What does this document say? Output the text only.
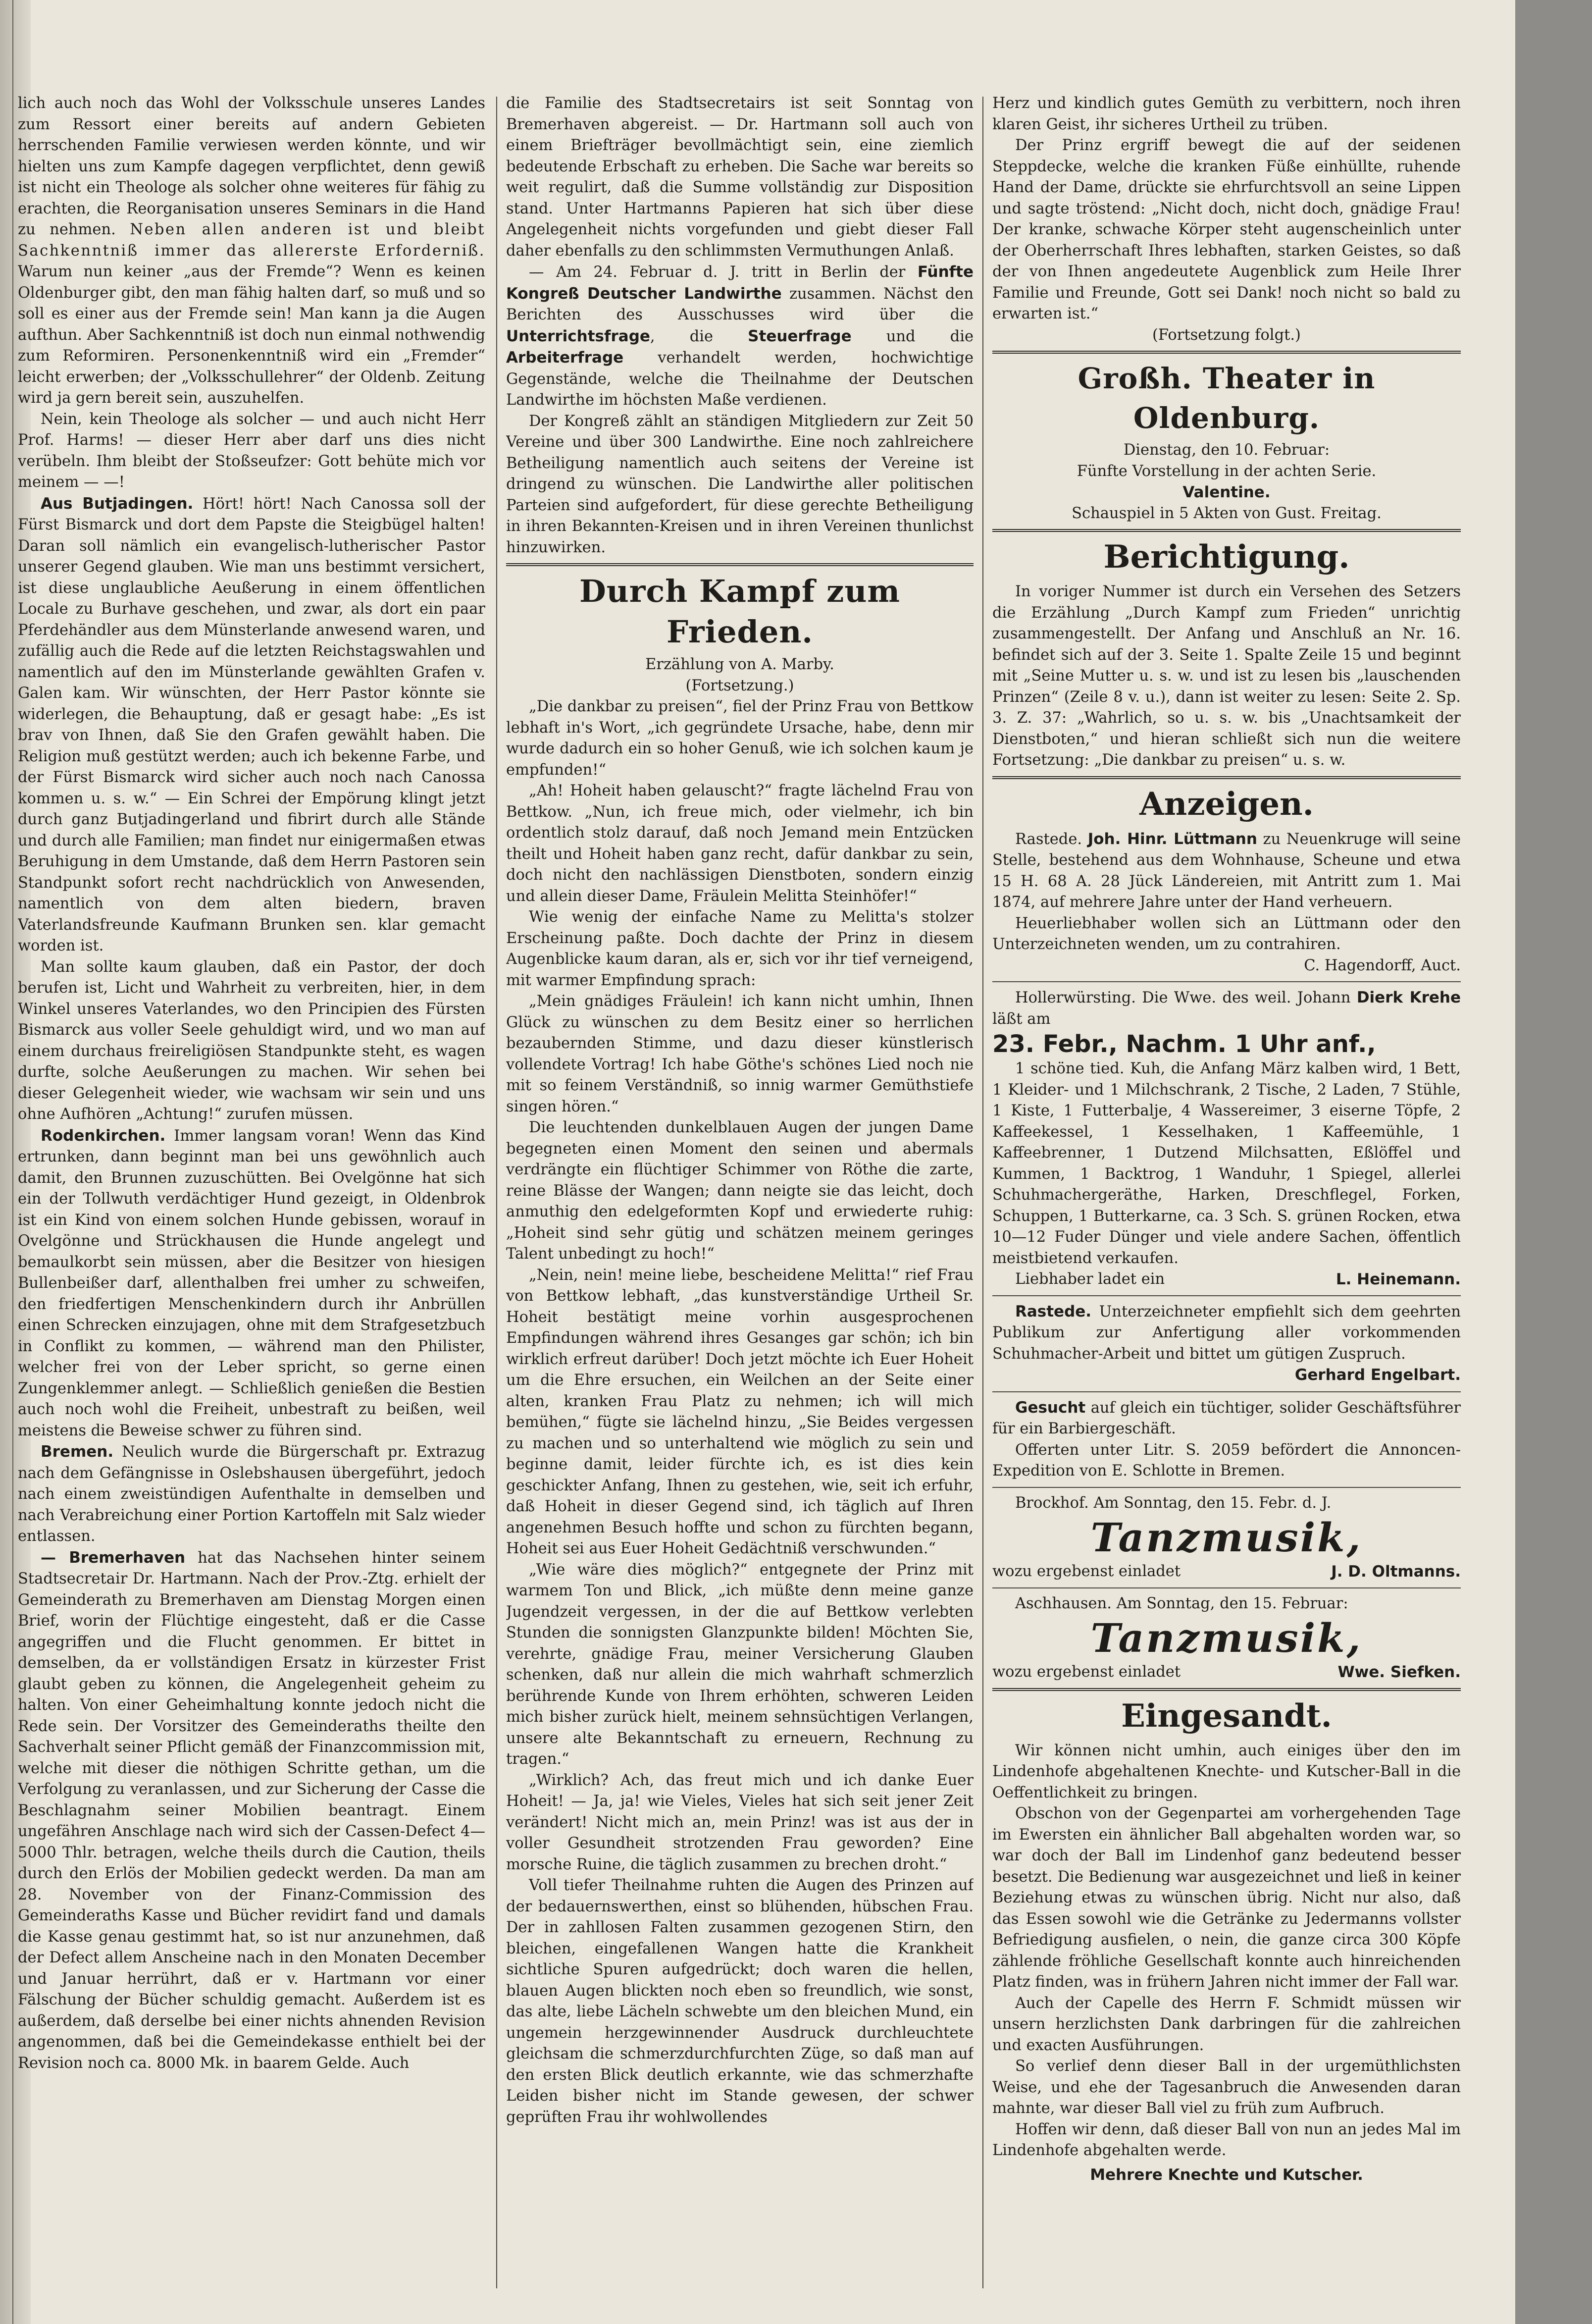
lich auch noch das Wohl der Volksschule unseres Landes zum Ressort einer bereits auf andern Gebieten herrschenden Familie verwiesen werden könnte, und wir hielten uns zum Kampfe dagegen verpflichtet, denn gewiß ist nicht ein Theologe als solcher ohne weiteres für fähig zu erachten, die Reorganisation unseres Seminars in die Hand zu nehmen. Neben allen anderen ist und bleibt Sachkenntniß immer das allererste Erforderniß. Warum nun keiner „aus der Fremde“? Wenn es keinen Oldenburger gibt, den man fähig halten darf, so muß und so soll es einer aus der Fremde sein! Man kann ja die Augen aufthun. Aber Sachkenntniß ist doch nun einmal nothwendig zum Reformiren. Personenkenntniß wird ein „Fremder“ leicht erwerben; der „Volksschullehrer“ der Oldenb. Zeitung wird ja gern bereit sein, auszuhelfen.

Nein, kein Theologe als solcher — und auch nicht Herr Prof. Harms! — dieser Herr aber darf uns dies nicht verübeln. Ihm bleibt der Stoßseufzer: Gott behüte mich vor meinem — —!

Aus Butjadingen. Hört! hört! Nach Canossa soll der Fürst Bismarck und dort dem Papste die Steigbügel halten! Daran soll nämlich ein evangelisch-lutherischer Pastor unserer Gegend glauben. Wie man uns bestimmt versichert, ist diese unglaubliche Aeußerung in einem öffentlichen Locale zu Burhave geschehen, und zwar, als dort ein paar Pferdehändler aus dem Münsterlande anwesend waren, und zufällig auch die Rede auf die letzten Reichstagswahlen und namentlich auf den im Münsterlande gewählten Grafen v. Galen kam. Wir wünschten, der Herr Pastor könnte sie widerlegen, die Behauptung, daß er gesagt habe: „Es ist brav von Ihnen, daß Sie den Grafen gewählt haben. Die Religion muß gestützt werden; auch ich bekenne Farbe, und der Fürst Bismarck wird sicher auch noch nach Canossa kommen u. s. w.“ — Ein Schrei der Empörung klingt jetzt durch ganz Butjadingerland und fibrirt durch alle Stände und durch alle Familien; man findet nur einigermaßen etwas Beruhigung in dem Umstande, daß dem Herrn Pastoren sein Standpunkt sofort recht nachdrücklich von Anwesenden, namentlich von dem alten biedern, braven Vaterlandsfreunde Kaufmann Brunken sen. klar gemacht worden ist.

Man sollte kaum glauben, daß ein Pastor, der doch berufen ist, Licht und Wahrheit zu verbreiten, hier, in dem Winkel unseres Vaterlandes, wo den Principien des Fürsten Bismarck aus voller Seele gehuldigt wird, und wo man auf einem durchaus freireligiösen Standpunkte steht, es wagen durfte, solche Aeußerungen zu machen. Wir sehen bei dieser Gelegenheit wieder, wie wachsam wir sein und uns ohne Aufhören „Achtung!“ zurufen müssen.

Rodenkirchen. Immer langsam voran! Wenn das Kind ertrunken, dann beginnt man bei uns gewöhnlich auch damit, den Brunnen zuzuschütten. Bei Ovelgönne hat sich ein der Tollwuth verdächtiger Hund gezeigt, in Oldenbrok ist ein Kind von einem solchen Hunde gebissen, worauf in Ovelgönne und Strückhausen die Hunde angelegt und bemaulkorbt sein müssen, aber die Besitzer von hiesigen Bullenbeißer darf, allenthalben frei umher zu schweifen, den friedfertigen Menschenkindern durch ihr Anbrüllen einen Schrecken einzujagen, ohne mit dem Strafgesetzbuch in Conflikt zu kommen, — während man den Philister, welcher frei von der Leber spricht, so gerne einen Zungenklemmer anlegt. — Schließlich genießen die Bestien auch noch wohl die Freiheit, unbestraft zu beißen, weil meistens die Beweise schwer zu führen sind.

Bremen. Neulich wurde die Bürgerschaft pr. Extrazug nach dem Gefängnisse in Oslebshausen übergeführt, jedoch nach einem zweistündigen Aufenthalte in demselben und nach Verabreichung einer Portion Kartoffeln mit Salz wieder entlassen.

— Bremerhaven hat das Nachsehen hinter seinem Stadtsecretair Dr. Hartmann. Nach der Prov.-Ztg. erhielt der Gemeinderath zu Bremerhaven am Dienstag Morgen einen Brief, worin der Flüchtige eingesteht, daß er die Casse angegriffen und die Flucht genommen. Er bittet in demselben, da er vollständigen Ersatz in kürzester Frist glaubt geben zu können, die Angelegenheit geheim zu halten. Von einer Geheimhaltung konnte jedoch nicht die Rede sein. Der Vorsitzer des Gemeinderaths theilte den Sachverhalt seiner Pflicht gemäß der Finanzcommission mit, welche mit dieser die nöthigen Schritte gethan, um die Verfolgung zu veranlassen, und zur Sicherung der Casse die Beschlagnahm seiner Mobilien beantragt. Einem ungefähren Anschlage nach wird sich der Cassen-Defect 4—5000 Thlr. betragen, welche theils durch die Caution, theils durch den Erlös der Mobilien gedeckt werden. Da man am 28. November von der Finanz-Commission des Gemeinderaths Kasse und Bücher revidirt fand und damals die Kasse genau gestimmt hat, so ist nur anzunehmen, daß der Defect allem Anscheine nach in den Monaten December und Januar herrührt, daß er v. Hartmann vor einer Fälschung der Bücher schuldig gemacht. Außerdem ist es außerdem, daß derselbe bei einer nichts ahnenden Revision angenommen, daß bei die Gemeindekasse enthielt bei der Revision noch ca. 8000 Mk. in baarem Gelde. Auch

die Familie des Stadtsecretairs ist seit Sonntag von Bremerhaven abgereist. — Dr. Hartmann soll auch von einem Briefträger bevollmächtigt sein, eine ziemlich bedeutende Erbschaft zu erheben. Die Sache war bereits so weit regulirt, daß die Summe vollständig zur Disposition stand. Unter Hartmanns Papieren hat sich über diese Angelegenheit nichts vorgefunden und giebt dieser Fall daher ebenfalls zu den schlimmsten Vermuthungen Anlaß.

— Am 24. Februar d. J. tritt in Berlin der Fünfte Kongreß Deutscher Landwirthe zusammen. Nächst den Berichten des Ausschusses wird über die Unterrichtsfrage, die Steuerfrage und die Arbeiterfrage verhandelt werden, hochwichtige Gegenstände, welche die Theilnahme der Deutschen Landwirthe im höchsten Maße verdienen.

Der Kongreß zählt an ständigen Mitgliedern zur Zeit 50 Vereine und über 300 Landwirthe. Eine noch zahlreichere Betheiligung namentlich auch seitens der Vereine ist dringend zu wünschen. Die Landwirthe aller politischen Parteien sind aufgefordert, für diese gerechte Betheiligung in ihren Bekannten-Kreisen und in ihren Vereinen thunlichst hinzuwirken.

Durch Kampf zum Frieden.

Erzählung von A. Marby.

(Fortsetzung.)

„Die dankbar zu preisen“, fiel der Prinz Frau von Bettkow lebhaft in's Wort, „ich gegründete Ursache, habe, denn mir wurde dadurch ein so hoher Genuß, wie ich solchen kaum je empfunden!“

„Ah! Hoheit haben gelauscht?“ fragte lächelnd Frau von Bettkow. „Nun, ich freue mich, oder vielmehr, ich bin ordentlich stolz darauf, daß noch Jemand mein Entzücken theilt und Hoheit haben ganz recht, dafür dankbar zu sein, doch nicht den nachlässigen Dienstboten, sondern einzig und allein dieser Dame, Fräulein Melitta Steinhöfer!“

Wie wenig der einfache Name zu Melitta's stolzer Erscheinung paßte. Doch dachte der Prinz in diesem Augenblicke kaum daran, als er, sich vor ihr tief verneigend, mit warmer Empfindung sprach:

„Mein gnädiges Fräulein! ich kann nicht umhin, Ihnen Glück zu wünschen zu dem Besitz einer so herrlichen bezaubernden Stimme, und dazu dieser künstlerisch vollendete Vortrag! Ich habe Göthe's schönes Lied noch nie mit so feinem Verständniß, so innig warmer Gemüthstiefe singen hören.“

Die leuchtenden dunkelblauen Augen der jungen Dame begegneten einen Moment den seinen und abermals verdrängte ein flüchtiger Schimmer von Röthe die zarte, reine Blässe der Wangen; dann neigte sie das leicht, doch anmuthig den edelgeformten Kopf und erwiederte ruhig: „Hoheit sind sehr gütig und schätzen meinem geringes Talent unbedingt zu hoch!“

„Nein, nein! meine liebe, bescheidene Melitta!“ rief Frau von Bettkow lebhaft, „das kunstverständige Urtheil Sr. Hoheit bestätigt meine vorhin ausgesprochenen Empfindungen während ihres Gesanges gar schön; ich bin wirklich erfreut darüber! Doch jetzt möchte ich Euer Hoheit um die Ehre ersuchen, ein Weilchen an der Seite einer alten, kranken Frau Platz zu nehmen; ich will mich bemühen,“ fügte sie lächelnd hinzu, „Sie Beides vergessen zu machen und so unterhaltend wie möglich zu sein und beginne damit, leider fürchte ich, es ist dies kein geschickter Anfang, Ihnen zu gestehen, wie, seit ich erfuhr, daß Hoheit in dieser Gegend sind, ich täglich auf Ihren angenehmen Besuch hoffte und schon zu fürchten begann, Hoheit sei aus Euer Hoheit Gedächtniß verschwunden.“

„Wie wäre dies möglich?“ entgegnete der Prinz mit warmem Ton und Blick, „ich müßte denn meine ganze Jugendzeit vergessen, in der die auf Bettkow verlebten Stunden die sonnigsten Glanzpunkte bilden! Möchten Sie, verehrte, gnädige Frau, meiner Versicherung Glauben schenken, daß nur allein die mich wahrhaft schmerzlich berührende Kunde von Ihrem erhöhten, schweren Leiden mich bisher zurück hielt, meinem sehnsüchtigen Verlangen, unsere alte Bekanntschaft zu erneuern, Rechnung zu tragen.“

„Wirklich? Ach, das freut mich und ich danke Euer Hoheit! — Ja, ja! wie Vieles, Vieles hat sich seit jener Zeit verändert! Nicht mich an, mein Prinz! was ist aus der in voller Gesundheit strotzenden Frau geworden? Eine morsche Ruine, die täglich zusammen zu brechen droht.“

Voll tiefer Theilnahme ruhten die Augen des Prinzen auf der bedauernswerthen, einst so blühenden, hübschen Frau. Der in zahllosen Falten zusammen gezogenen Stirn, den bleichen, eingefallenen Wangen hatte die Krankheit sichtliche Spuren aufgedrückt; doch waren die hellen, blauen Augen blickten noch eben so freundlich, wie sonst, das alte, liebe Lächeln schwebte um den bleichen Mund, ein ungemein herzgewinnender Ausdruck durchleuchtete gleichsam die schmerzdurchfurchten Züge, so daß man auf den ersten Blick deutlich erkannte, wie das schmerzhafte Leiden bisher nicht im Stande gewesen, der schwer geprüften Frau ihr wohlwollendes

Herz und kindlich gutes Gemüth zu verbittern, noch ihren klaren Geist, ihr sicheres Urtheil zu trüben.

Der Prinz ergriff bewegt die auf der seidenen Steppdecke, welche die kranken Füße einhüllte, ruhende Hand der Dame, drückte sie ehrfurchtsvoll an seine Lippen und sagte tröstend: „Nicht doch, nicht doch, gnädige Frau! Der kranke, schwache Körper steht augenscheinlich unter der Oberherrschaft Ihres lebhaften, starken Geistes, so daß der von Ihnen angedeutete Augenblick zum Heile Ihrer Familie und Freunde, Gott sei Dank! noch nicht so bald zu erwarten ist.“

(Fortsetzung folgt.)

Großh. Theater in Oldenburg.

Dienstag, den 10. Februar:

Fünfte Vorstellung in der achten Serie.

Valentine.

Schauspiel in 5 Akten von Gust. Freitag.

Berichtigung.

In voriger Nummer ist durch ein Versehen des Setzers die Erzählung „Durch Kampf zum Frieden“ unrichtig zusammengestellt. Der Anfang und Anschluß an Nr. 16. befindet sich auf der 3. Seite 1. Spalte Zeile 15 und beginnt mit „Seine Mutter u. s. w. und ist zu lesen bis „lauschenden Prinzen“ (Zeile 8 v. u.), dann ist weiter zu lesen: Seite 2. Sp. 3. Z. 37: „Wahrlich, so u. s. w. bis „Unachtsamkeit der Dienstboten,“ und hieran schließt sich nun die weitere Fortsetzung: „Die dankbar zu preisen“ u. s. w.

Anzeigen.

Rastede. Joh. Hinr. Lüttmann zu Neuenkruge will seine Stelle, bestehend aus dem Wohnhause, Scheune und etwa 15 H. 68 A. 28 Jück Ländereien, mit Antritt zum 1. Mai 1874, auf mehrere Jahre unter der Hand verheuern.

Heuerliebhaber wollen sich an Lüttmann oder den Unterzeichneten wenden, um zu contrahiren.

C. Hagendorff, Auct.

Hollerwürsting. Die Wwe. des weil. Johann Dierk Krehe läßt am

23. Febr., Nachm. 1 Uhr anf.,

1 schöne tied. Kuh, die Anfang März kalben wird, 1 Bett, 1 Kleider- und 1 Milchschrank, 2 Tische, 2 Laden, 7 Stühle, 1 Kiste, 1 Futterbalje, 4 Wassereimer, 3 eiserne Töpfe, 2 Kaffeekessel, 1 Kesselhaken, 1 Kaffeemühle, 1 Kaffeebrenner, 1 Dutzend Milchsatten, Eßlöffel und Kummen, 1 Backtrog, 1 Wanduhr, 1 Spiegel, allerlei Schuhmachergeräthe, Harken, Dreschflegel, Forken, Schuppen, 1 Butterkarne, ca. 3 Sch. S. grünen Rocken, etwa 10—12 Fuder Dünger und viele andere Sachen, öffentlich meistbietend verkaufen.

Liebhaber ladet ein	L. Heinemann.

Rastede. Unterzeichneter empfiehlt sich dem geehrten Publikum zur Anfertigung aller vorkommenden Schuhmacher-Arbeit und bittet um gütigen Zuspruch.

Gerhard Engelbart.

Gesucht auf gleich ein tüchtiger, solider Geschäftsführer für ein Barbiergeschäft.

Offerten unter Litr. S. 2059 befördert die Annoncen-Expedition von E. Schlotte in Bremen.

Brockhof. Am Sonntag, den 15. Febr. d. J.

Tanzmusik,
wozu ergebenst einladet	J. D. Oltmanns.

Aschhausen. Am Sonntag, den 15. Februar:

Tanzmusik,
wozu ergebenst einladet	Wwe. Siefken.
Eingesandt.

Wir können nicht umhin, auch einiges über den im Lindenhofe abgehaltenen Knechte- und Kutscher-Ball in die Oeffentlichkeit zu bringen.

Obschon von der Gegenpartei am vorhergehenden Tage im Ewersten ein ähnlicher Ball abgehalten worden war, so war doch der Ball im Lindenhof ganz bedeutend besser besetzt. Die Bedienung war ausgezeichnet und ließ in keiner Beziehung etwas zu wünschen übrig. Nicht nur also, daß das Essen sowohl wie die Getränke zu Jedermanns vollster Befriedigung ausfielen, o nein, die ganze circa 300 Köpfe zählende fröhliche Gesellschaft konnte auch hinreichenden Platz finden, was in frühern Jahren nicht immer der Fall war.

Auch der Capelle des Herrn F. Schmidt müssen wir unsern herzlichsten Dank darbringen für die zahlreichen und exacten Ausführungen.

So verlief denn dieser Ball in der urgemüthlichsten Weise, und ehe der Tagesanbruch die Anwesenden daran mahnte, war dieser Ball viel zu früh zum Aufbruch.

Hoffen wir denn, daß dieser Ball von nun an jedes Mal im Lindenhofe abgehalten werde.

Mehrere Knechte und Kutscher.
